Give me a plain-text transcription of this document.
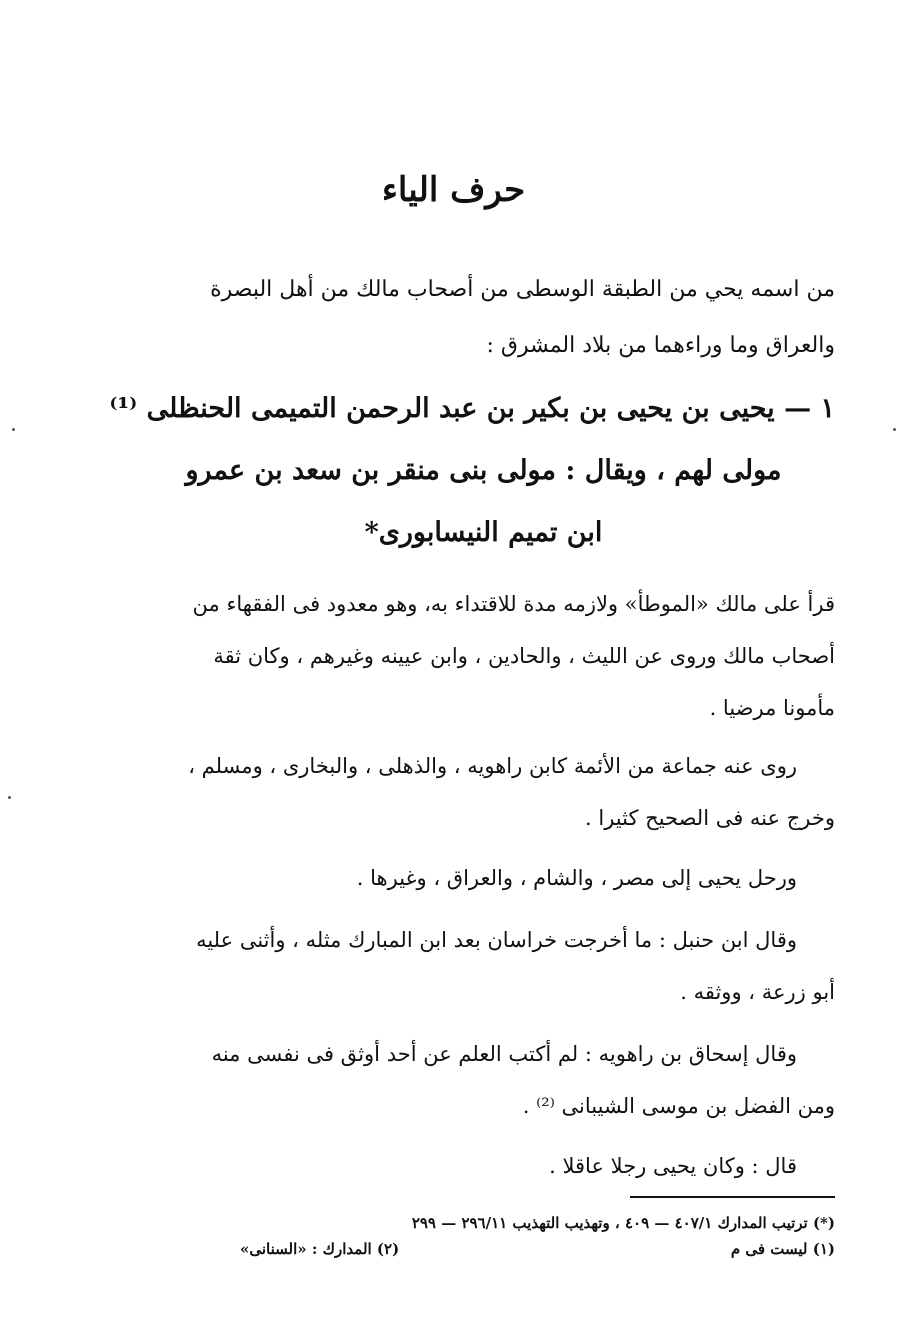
حرف الياء
من اسمه يحي من الطبقة الوسطى من أصحاب مالك من أهل البصرة
والعراق وما وراءهما من بلاد المشرق :
١ — يحيى بن يحيى بن بكير بن عبد الرحمن التميمى الحنظلى ⁽¹⁾
مولى لهم ، ويقال : مولى بنى منقر بن سعد بن عمرو
ابن تميم النيسابورى*
قرأ على مالك «الموطأ» ولازمه مدة للاقتداء به، وهو معدود فى الفقهاء من
أصحاب مالك وروى عن الليث ، والحادين ، وابن عيينه وغيرهم ، وكان ثقة
مأمونا مرضيا .
روى عنه جماعة من الأئمة كابن راهويه ، والذهلى ، والبخارى ، ومسلم ،
وخرج عنه فى الصحيح كثيرا .
ورحل يحيى إلى مصر ، والشام ، والعراق ، وغيرها .
وقال ابن حنبل : ما أخرجت خراسان بعد ابن المبارك مثله ، وأثنى عليه
أبو زرعة ، ووثقه .
وقال إسحاق بن راهويه : لم أكتب العلم عن أحد أوثق فى نفسى منه
ومن الفضل بن موسى الشيبانى ⁽²⁾ .
قال : وكان يحيى رجلا عاقلا .
(*) ترتيب المدارك ٤٠٧/١ — ٤٠٩ ، وتهذيب التهذيب ٢٩٦/١١ — ٢٩٩
(١) ليست فى م
(٢) المدارك : «السنانى»
